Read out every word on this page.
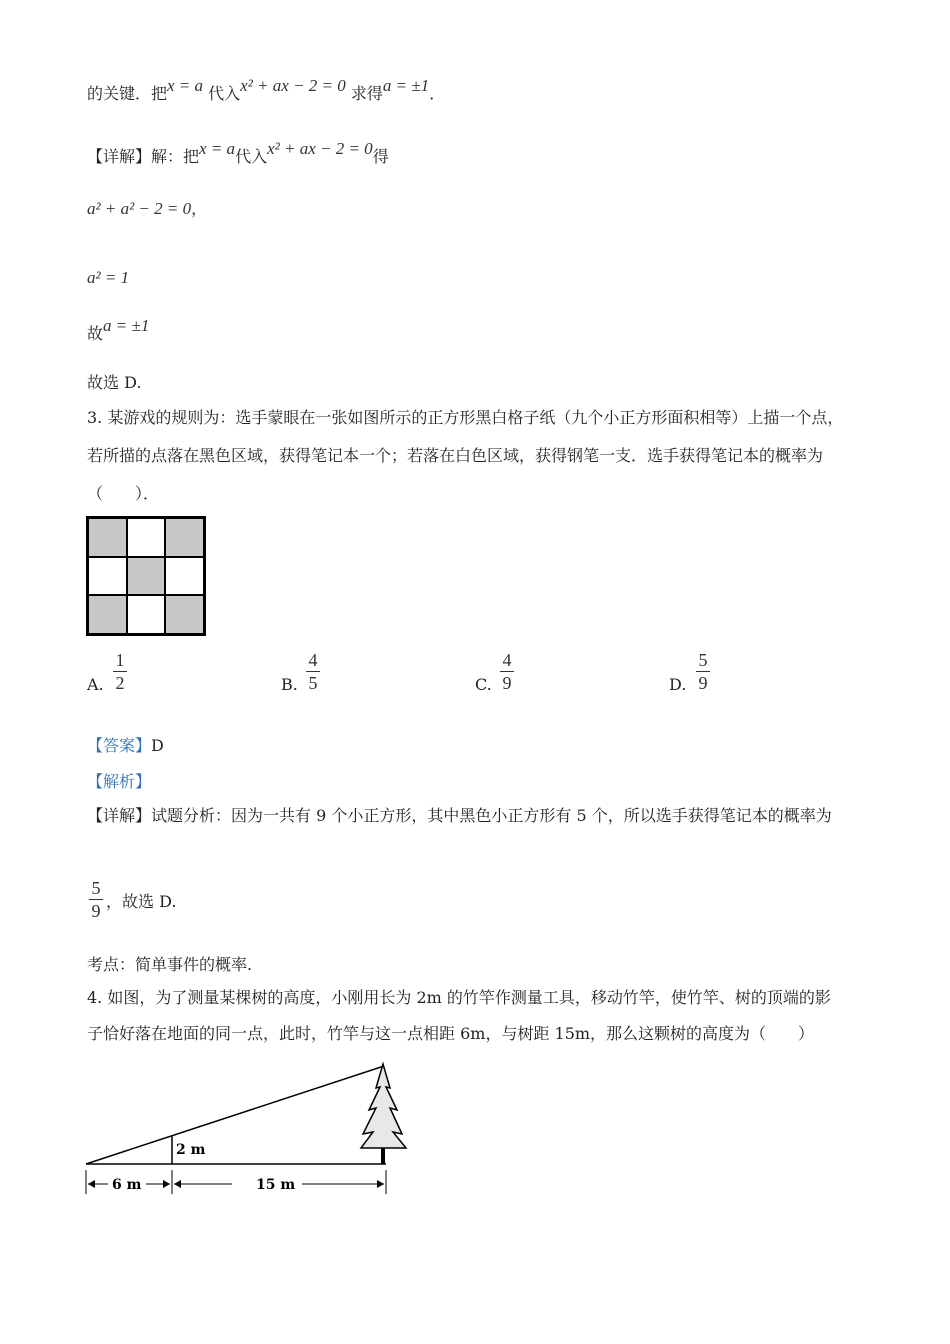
的关键．把x = a 代入x² + ax − 2 = 0 求得a = ±1．
【详解】解：把x = a代入x² + ax − 2 = 0得
a² + a² − 2 = 0，
a² = 1
故a = ±1
故选 D.
3. 某游戏的规则为：选手蒙眼在一张如图所示的正方形黑白格子纸（九个小正方形面积相等）上描一个点，
若所描的点落在黑色区域，获得笔记本一个；若落在白色区域，获得钢笔一支．选手获得笔记本的概率为
（　　）．
A.
1
2	B.
4
5	C.
4
9	D.
5
9
【答案】D
【解析】
【详解】试题分析：因为一共有 9 个小正方形，其中黑色小正方形有 5 个，所以选手获得笔记本的概率为
5
9 ，故选 D.
考点：简单事件的概率.
4. 如图，为了测量某棵树的高度，小刚用长为 2m 的竹竿作测量工具，移动竹竿，使竹竿、树的顶端的影
子恰好落在地面的同一点，此时，竹竿与这一点相距 6m，与树距 15m，那么这颗树的高度为（　　）
2 m
6 m	15 m
